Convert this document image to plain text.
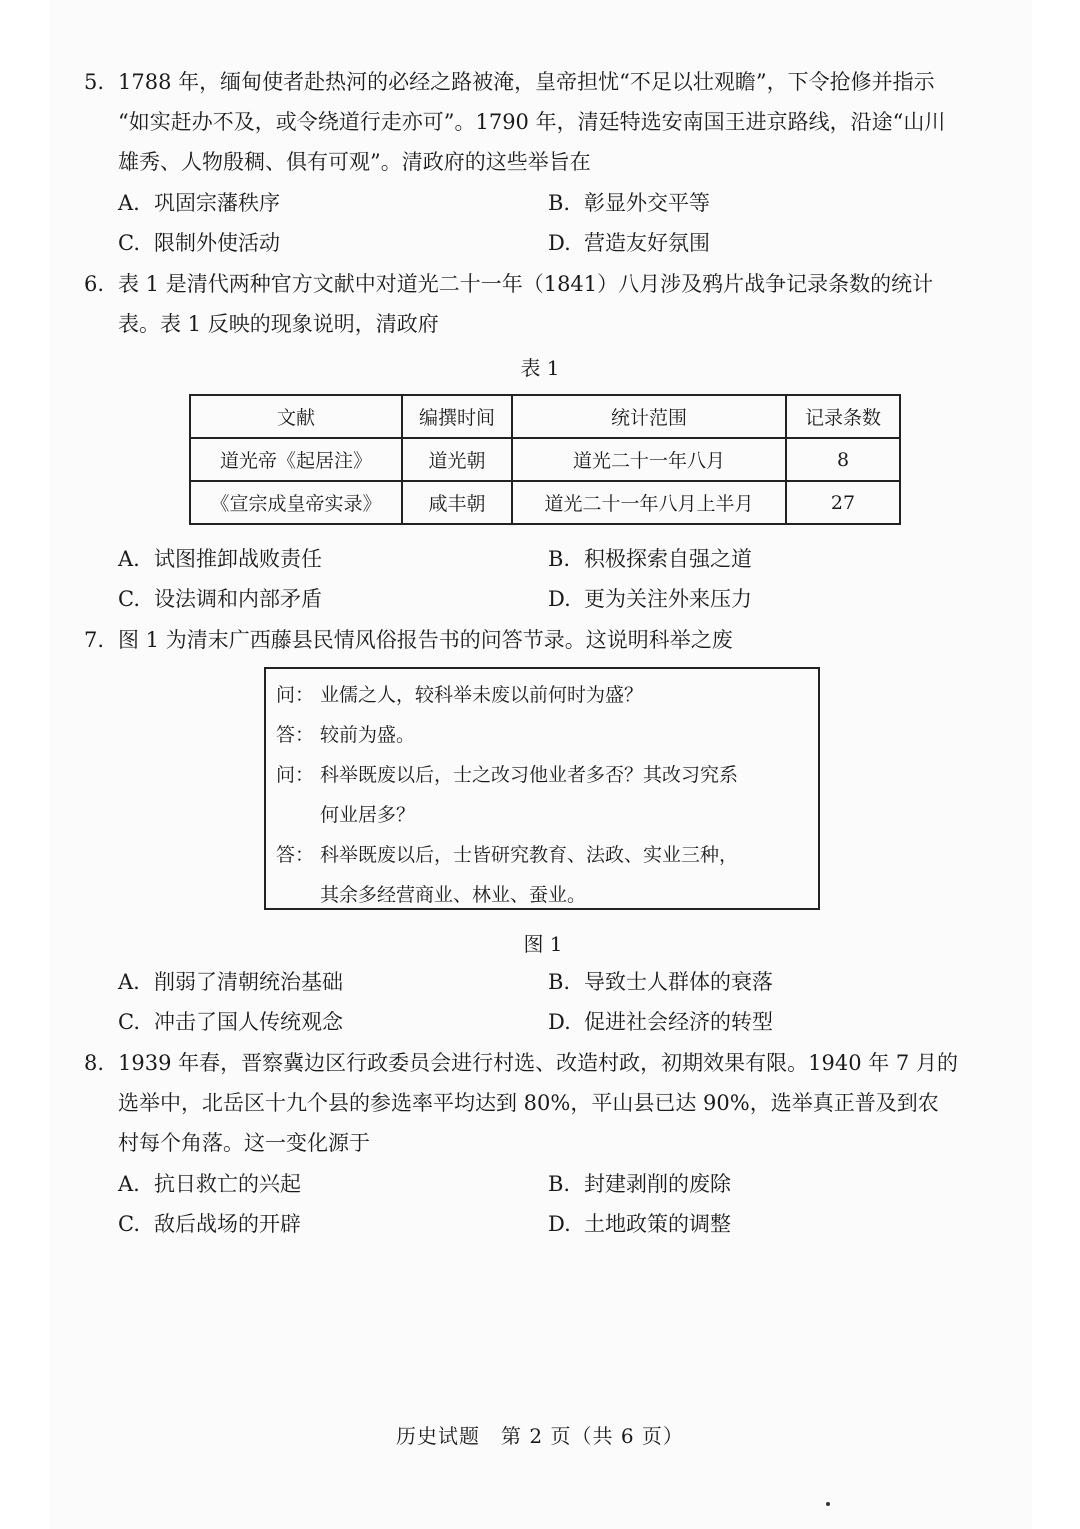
5. 1788 年，缅甸使者赴热河的必经之路被淹，皇帝担忧“不足以壮观瞻”，下令抢修并指示
“如实赶办不及，或令绕道行走亦可”。1790 年，清廷特选安南国王进京路线，沿途“山川
雄秀、人物殷稠、俱有可观”。清政府的这些举旨在
A. 巩固宗藩秩序	B. 彰显外交平等
C. 限制外使活动	D. 营造友好氛围
6. 表 1 是清代两种官方文献中对道光二十一年（1841）八月涉及鸦片战争记录条数的统计
表。表 1 反映的现象说明，清政府
表 1
文献	编撰时间	统计范围	记录条数
道光帝《起居注》	道光朝	道光二十一年八月	8
《宣宗成皇帝实录》	咸丰朝	道光二十一年八月上半月	27
A. 试图推卸战败责任	B. 积极探索自强之道
C. 设法调和内部矛盾	D. 更为关注外来压力
7. 图 1 为清末广西藤县民情风俗报告书的问答节录。这说明科举之废
问： 业儒之人，较科举未废以前何时为盛？
答： 较前为盛。
问： 科举既废以后，士之改习他业者多否？其改习究系
何业居多？
答： 科举既废以后，士皆研究教育、法政、实业三种，
其余多经营商业、林业、蚕业。
图 1
A. 削弱了清朝统治基础	B. 导致士人群体的衰落
C. 冲击了国人传统观念	D. 促进社会经济的转型
8. 1939 年春，晋察冀边区行政委员会进行村选、改造村政，初期效果有限。1940 年 7 月的
选举中，北岳区十九个县的参选率平均达到 80%，平山县已达 90%，选举真正普及到农
村每个角落。这一变化源于
A. 抗日救亡的兴起	B. 封建剥削的废除
C. 敌后战场的开辟	D. 土地政策的调整
历史试题　第 2 页（共 6 页）
